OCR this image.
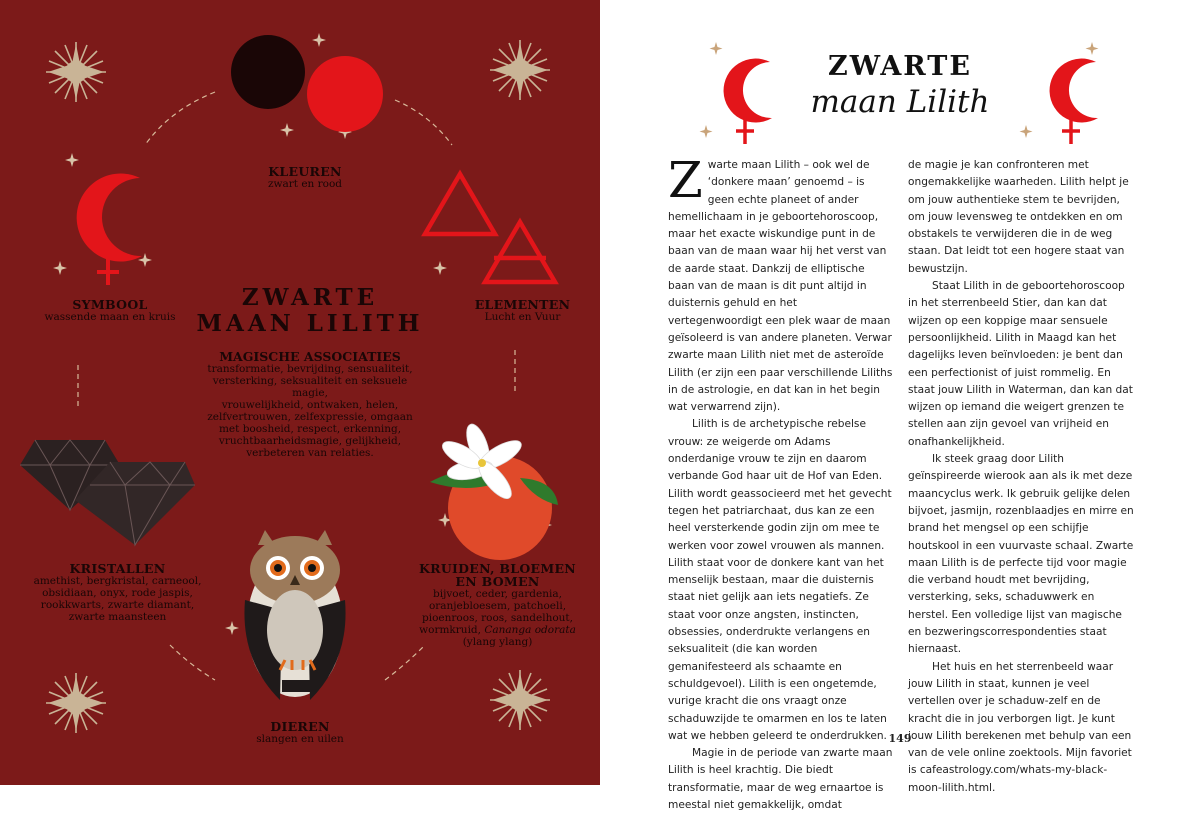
KLEUREN
zwart en rood
SYMBOOL
wassende maan en kruis
ELEMENTEN
Lucht en Vuur
ZWARTE
MAAN LILITH
MAGISCHE ASSOCIATIES
transformatie, bevrijding, sensualiteit,
versterking, seksualiteit en seksuele magie,
vrouwelijkheid, ontwaken, helen,
zelfvertrouwen, zelfexpressie, omgaan
met boosheid, respect, erkenning,
vruchtbaarheidsmagie, gelijkheid,
verbeteren van relaties.
KRISTALLEN
amethist, bergkristal, carneool,
obsidiaan, onyx, rode jaspis,
rookkwarts, zwarte diamant,
zwarte maansteen
KRUIDEN, BLOEMEN
EN BOMEN
bijvoet, ceder, gardenia,
oranjebloesem, patchoeli,
pioenroos, roos, sandelhout,
wormkruid, Cananga odorata
(ylang ylang)
DIEREN
slangen en uilen
ZWARTE
maan Lilith

Zwarte maan Lilith – ook wel de ‘donkere maan’ genoemd – is geen echte planeet of ander hemellichaam in je geboortehoroscoop, maar het exacte wiskundige punt in de baan van de maan waar hij het verst van de aarde staat. Dankzij de elliptische baan van de maan is dit punt altijd in duisternis gehuld en het vertegenwoordigt een plek waar de maan geïsoleerd is van andere planeten. Verwar zwarte maan Lilith niet met de asteroïde Lilith (er zijn een paar verschillende Liliths in de astrologie, en dat kan in het begin wat verwarrend zijn).

Lilith is de archetypische rebelse vrouw: ze weigerde om Adams onderdanige vrouw te zijn en daarom verbande God haar uit de Hof van Eden. Lilith wordt geassocieerd met het gevecht tegen het patriarchaat, dus kan ze een heel versterkende godin zijn om mee te werken voor zowel vrouwen als mannen. Lilith staat voor de donkere kant van het menselijk bestaan, maar die duisternis staat niet gelijk aan iets negatiefs. Ze staat voor onze angsten, instincten, obsessies, onderdrukte verlangens en seksualiteit (die kan worden gemanifesteerd als schaamte en schuldgevoel). Lilith is een ongetemde, vurige kracht die ons vraagt onze schaduwzijde te omarmen en los te laten wat we hebben geleerd te onderdrukken.

Magie in de periode van zwarte maan Lilith is heel krachtig. Die biedt transformatie, maar de weg ernaartoe is meestal niet gemakkelijk, omdat

de magie je kan confronteren met ongemakkelijke waarheden. Lilith helpt je om jouw authentieke stem te bevrijden, om jouw levensweg te ontdekken en om obstakels te verwijderen die in de weg staan. Dat leidt tot een hogere staat van bewustzijn.

Staat Lilith in de geboortehoroscoop in het sterrenbeeld Stier, dan kan dat wijzen op een koppige maar sensuele persoonlijkheid. Lilith in Maagd kan het dagelijks leven beïnvloeden: je bent dan een perfectionist of juist rommelig. En staat jouw Lilith in Waterman, dan kan dat wijzen op iemand die weigert grenzen te stellen aan zijn gevoel van vrijheid en onafhankelijkheid.

Ik steek graag door Lilith geïnspireerde wierook aan als ik met deze maancyclus werk. Ik gebruik gelijke delen bijvoet, jasmijn, rozenblaadjes en mirre en brand het mengsel op een schijfje houtskool in een vuurvaste schaal. Zwarte maan Lilith is de perfecte tijd voor magie die verband houdt met bevrijding, versterking, seks, schaduwwerk en herstel. Een volledige lijst van magische en bezweringscorrespondenties staat hiernaast.

Het huis en het sterrenbeeld waar jouw Lilith in staat, kunnen je veel vertellen over je schaduw-zelf en de kracht die in jou verborgen ligt. Je kunt jouw Lilith berekenen met behulp van een van de vele online zoektools. Mijn favoriet is cafeastrology.com/whats-my-black-moon-lilith.html.

149
